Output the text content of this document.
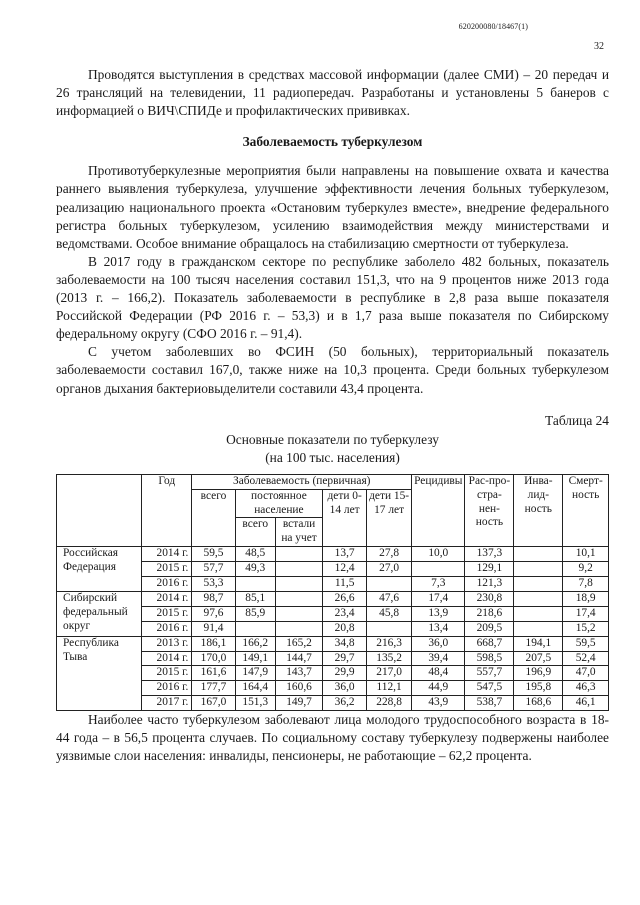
620200080/18467(1)
32

Проводятся выступления в средствах массовой информации (далее СМИ) – 20 передач и 26 трансляций на телевидении, 11 радиопередач. Разработаны и установлены 5 банеров с информацией о ВИЧ\СПИДе и профилактических прививках.

Заболеваемость туберкулезом

Противотуберкулезные мероприятия были направлены на повышение охвата и качества раннего выявления туберкулеза, улучшение эффективности лечения больных туберкулезом, реализацию национального проекта «Остановим туберкулез вместе», внедрение федерального регистра больных туберкулезом, усилению взаимодействия между министерствами и ведомствами. Особое внимание обращалось на стабилизацию смертности от туберкулеза.

В 2017 году в гражданском секторе по республике заболело 482 больных, показатель заболеваемости на 100 тысяч населения составил 151,3, что на 9 процентов ниже 2013 года (2013 г. – 166,2). Показатель заболеваемости в республике в 2,8 раза выше показателя Российской Федерации (РФ 2016 г. – 53,3) и в 1,7 раза выше показателя по Сибирскому федеральному округу (СФО 2016 г. – 91,4).

С учетом заболевших во ФСИН (50 больных), территориальный показатель заболеваемости составил 167,0, также ниже на 10,3 процента. Среди больных туберкулезом органов дыхания бактериовыделители составили 43,4 процента.

Таблица 24
Основные показатели по туберкулезу
(на 100 тыс. населения)
	Год	Заболеваемость (первичная)					Рецидивы	Рас-про-стра-нен-ность	Инва-лид-ность	Смерт-ность
		всего	постоянное население		дети 0-14 лет	дети 15-17 лет				
			всего	встали на учет						
Российская Федерация	2014 г.	59,5	48,5		13,7	27,8	10,0	137,3		10,1
	2015 г.	57,7	49,3		12,4	27,0		129,1		9,2
	2016 г.	53,3			11,5		7,3	121,3		7,8
Сибирский федеральный округ	2014 г.	98,7	85,1		26,6	47,6	17,4	230,8		18,9
	2015 г.	97,6	85,9		23,4	45,8	13,9	218,6		17,4
	2016 г.	91,4			20,8		13,4	209,5		15,2
Республика Тыва	2013 г.	186,1	166,2	165,2	34,8	216,3	36,0	668,7	194,1	59,5
	2014 г.	170,0	149,1	144,7	29,7	135,2	39,4	598,5	207,5	52,4
	2015 г.	161,6	147,9	143,7	29,9	217,0	48,4	557,7	196,9	47,0
	2016 г.	177,7	164,4	160,6	36,0	112,1	44,9	547,5	195,8	46,3
	2017 г.	167,0	151,3	149,7	36,2	228,8	43,9	538,7	168,6	46,1

Наиболее часто туберкулезом заболевают лица молодого трудоспособного возраста в 18-44 года – в 56,5 процента случаев. По социальному составу туберкулезу подвержены наиболее уязвимые слои населения: инвалиды, пенсионеры, не работающие – 62,2 процента.
